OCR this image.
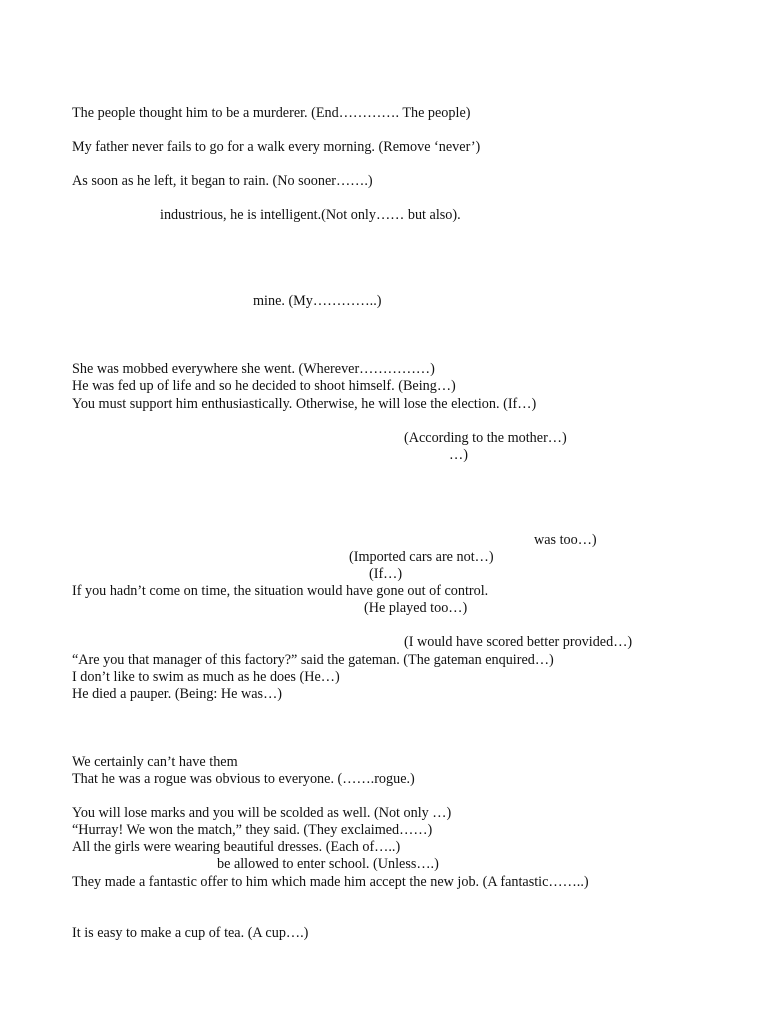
The people thought him to be a murderer. (End…………. The people)

My father never fails to go for a walk every morning. (Remove ‘never’)

As soon as he left, it began to rain. (No sooner…….)

industrious, he is intelligent.(Not only…… but also).

mine. (My…………..)

She was mobbed everywhere she went. (Wherever……………)

He was fed up of life and so he decided to shoot himself. (Being…)

You must support him enthusiastically. Otherwise, he will lose the election. (If…)

(According to the mother…)

…)

was too…)

(Imported cars are not…)

(If…)

If you hadn’t come on time, the situation would have gone out of control.

(He played too…)

(I would have scored better provided…)

“Are you that manager of this factory?” said the gateman. (The gateman enquired…)

I don’t like to swim as much as he does (He…)

He died a pauper. (Being: He was…)

We certainly can’t have them

That he was a rogue was obvious to everyone. (…….rogue.)

You will lose marks and you will be scolded as well. (Not only …)

“Hurray! We won the match,” they said. (They exclaimed……)

All the girls were wearing beautiful dresses. (Each of…..)

be allowed to enter school. (Unless….)

They made a fantastic offer to him which made him accept the new job. (A fantastic……..)

It is easy to make a cup of tea. (A cup….)
